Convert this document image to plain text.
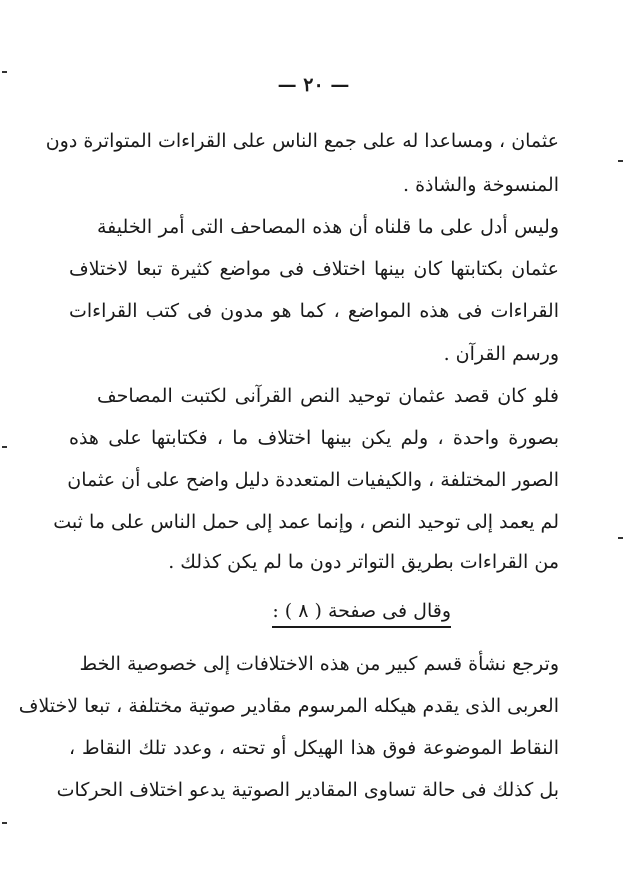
— ٢٠ —
عثمان ، ومساعدا له على جمع الناس على القراءات المتواترة دون
المنسوخة والشاذة .
وليس أدل على ما قلناه أن هذه المصاحف التى أمر الخليفة
عثمان بكتابتها كان بينها اختلاف فى مواضع كثيرة تبعا لاختلاف
القراءات فى هذه المواضع ، كما هو مدون فى كتب القراءات
ورسم القرآن .
فلو كان قصد عثمان توحيد النص القرآنى لكتبت المصاحف
بصورة واحدة ، ولم يكن بينها اختلاف ما ، فكتابتها على هذه
الصور المختلفة ، والكيفيات المتعددة دليل واضح على أن عثمان
لم يعمد إلى توحيد النص ، وإنما عمد إلى حمل الناس على ما ثبت
من القراءات بطريق التواتر دون ما لم يكن كذلك .
وقال فى صفحة ( ٨ ) :
وترجع نشأة قسم كبير من هذه الاختلافات إلى خصوصية الخط
العربى الذى يقدم هيكله المرسوم مقادير صوتية مختلفة ، تبعا لاختلاف
النقاط الموضوعة فوق هذا الهيكل أو تحته ، وعدد تلك النقاط ،
بل كذلك فى حالة تساوى المقادير الصوتية يدعو اختلاف الحركات
